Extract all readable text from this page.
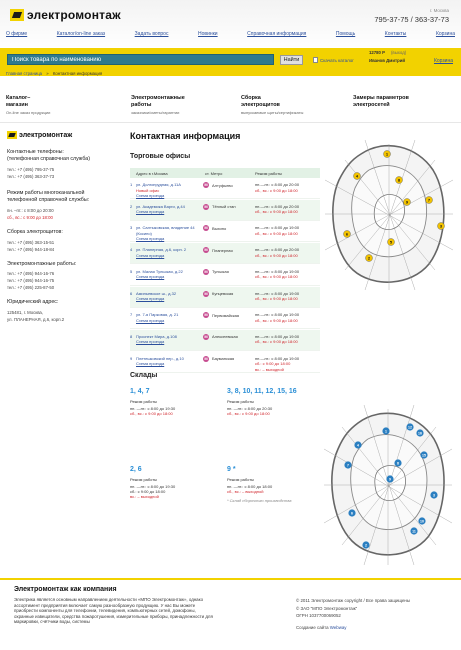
электромонтаж	г. Москва
795-37-75 / 363-37-73
О фирме	Каталог/on-line заказ	Задать вопрос	Новинки	Справочная информация	Помощь	Контакты	Корзина
Поиск товара по наименованию
Найти	Скачать каталог
12780 Р (выход)
Иванов Дмитрий	Корзина
Главная страница » Контактная информация
Каталог–
магазин
On-line заказ продукции
Электромонтажные
работы
заказчики/сметы/гарантии
Сборка
электрощитов
выпускаемые щиты/сертификаты
Замеры параметров
электросетей
электромонтаж
Контактные телефоны:
(телефонная справочная служба)
тел.: +7 (495) 795-37-75
тел.: +7 (495) 363-37-73
Режим работы многоканальной
телефонной справочной службы:
пн. –пт.: с 8:00 до 20:00
сб., вс.: с 9:00 до 18:00
Сборка электрощитов:
тел.: +7 (495) 363-15-51
тел.: +7 (495) 944-18-84
Электромонтажные работы:
тел.: +7 (495) 944-16-76
тел.: +7 (495) 944-16-75
тел.: +7 (495) 225-87-50
Юридический адрес:
125481, г. Москва,
ул. ПЛАНЕРНАЯ, д.6, корп.2
Контактная информация
Торговые офисы
Адрес в г.Москва	ст. Метро	Режим работы
1 ул. Долгопрудная, д.11А
Новый офис
Схема проезда
M	Алтуфьево	пн.—пт.: с 8:00 до 20:00
сб., вс.: с 9:00 до 18:00
2 ул. Академика Варги, д.44
Схема проезда
M	Тёплый стан	пн.—пт.: с 8:00 до 20:00
сб., вс.: с 9:00 до 18:00
3 ул. Салтыковская, владение 44 (Косино)
Схема проезда
M	Выхино	пн.—пт.: с 8:00 до 19:00
сб., вс.: с 9:00 до 18:00
4 ул. Планерная, д.6, корп. 2
Схема проезда
M	Планерная	пн.—пт.: с 8:00 до 20:00
сб., вс.: с 9:00 до 18:00
5 ул. Малая Тульская, д.22
Схема проезда
M	Тульская	пн.—пт.: с 8:00 до 19:00
сб., вс.: с 9:00 до 18:00
6 Аминьевское ш., д.32
Схема проезда
M	Кунцевская	пн.—пт.: с 8:00 до 19:00
сб., вс.: с 9:00 до 18:00
7 ул. 7-я Парковая, д. 21
Схема проезда
M	Первомайская	пн.—пт.: с 8:00 до 19:00
сб., вс.: с 9:00 до 18:00
8 Проспект Мира, д.108
Схема проезда
M	Алексеевская	пн.—пт.: с 8:00 до 19:00
сб., вс.: с 9:00 до 18:00
9 Плетешковский пер., д.10
Схема проезда
M	Бауманская	пн.—пт.: с 8:00 до 19:00
сб.: с 9:00 до 18:00
вс.: – выходной
1
2
3
4
5
6
7
8
9
1
12
16
4
7
15
8
9
3
10
11
6
2
Склады
1, 4, 7
Режим работы
пн. —пт.: с 8:00 до 19:30
сб., вс.: с 9:00 до 18:00
3, 8, 10, 11, 12, 15, 16
Режим работы
пн. —пт.: с 8:00 до 20:30
сб., вс.: с 9:00 до 18:00
2, 6
Режим работы
пн. —пт.: с 8:00 до 19:30
сб.: с 9:00 до 18:00
вс.: – выходной
9 *
Режим работы
пн. —пт.: с 8:00 до 18:00
сб., вс.: – выходной
* Склад сборочного производства
Электромонтаж как компания
Электрика является основным направлением деятельности «МПО Электромонтаж», однако ассортимент предприятия включает самую разнообразную продукцию. У нас Вы можете приобрести компоненты для телефонии, телевидения, компьютерных сетей, домофоны, охранные извещатели, средства пожаротушения, измерительные приборы, принадлежности для маркировки, счётчики воды, системы
© 2011 Электромонтаж copyright / Все права защищены
© ЗАО "МПО Электромонтаж"
ОГРН 1037700069052
Создание сайта Webway
